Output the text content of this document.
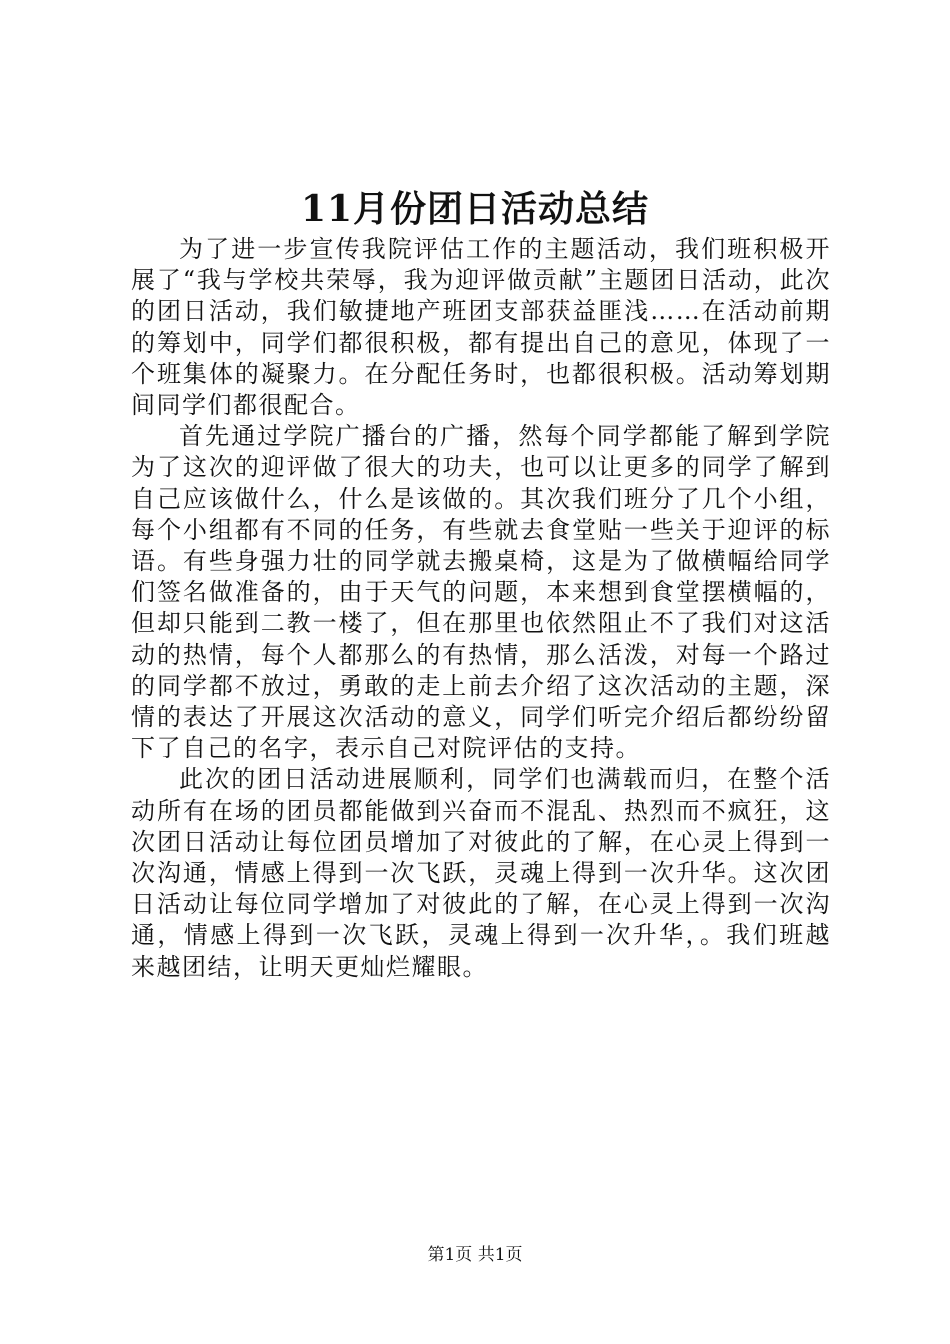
11月份团日活动总结

为了进一步宣传我院评估工作的主题活动，我们班积极开展了“我与学校共荣辱，我为迎评做贡献”主题团日活动，此次的团日活动，我们敏捷地产班团支部获益匪浅……在活动前期的筹划中，同学们都很积极，都有提出自己的意见，体现了一个班集体的凝聚力。在分配任务时，也都很积极。活动筹划期间同学们都很配合。

首先通过学院广播台的广播，然每个同学都能了解到学院为了这次的迎评做了很大的功夫，也可以让更多的同学了解到自己应该做什么，什么是该做的。其次我们班分了几个小组，每个小组都有不同的任务，有些就去食堂贴一些关于迎评的标语。有些身强力壮的同学就去搬桌椅，这是为了做横幅给同学们签名做准备的，由于天气的问题，本来想到食堂摆横幅的，但却只能到二教一楼了，但在那里也依然阻止不了我们对这活动的热情，每个人都那么的有热情，那么活泼，对每一个路过的同学都不放过，勇敢的走上前去介绍了这次活动的主题，深情的表达了开展这次活动的意义，同学们听完介绍后都纷纷留下了自己的名字，表示自己对院评估的支持。

此次的团日活动进展顺利，同学们也满载而归，在整个活动所有在场的团员都能做到兴奋而不混乱、热烈而不疯狂，这次团日活动让每位团员增加了对彼此的了解，在心灵上得到一次沟通，情感上得到一次飞跃，灵魂上得到一次升华。这次团日活动让每位同学增加了对彼此的了解，在心灵上得到一次沟通，情感上得到一次飞跃，灵魂上得到一次升华，。我们班越来越团结，让明天更灿烂耀眼。

第1页 共1页
